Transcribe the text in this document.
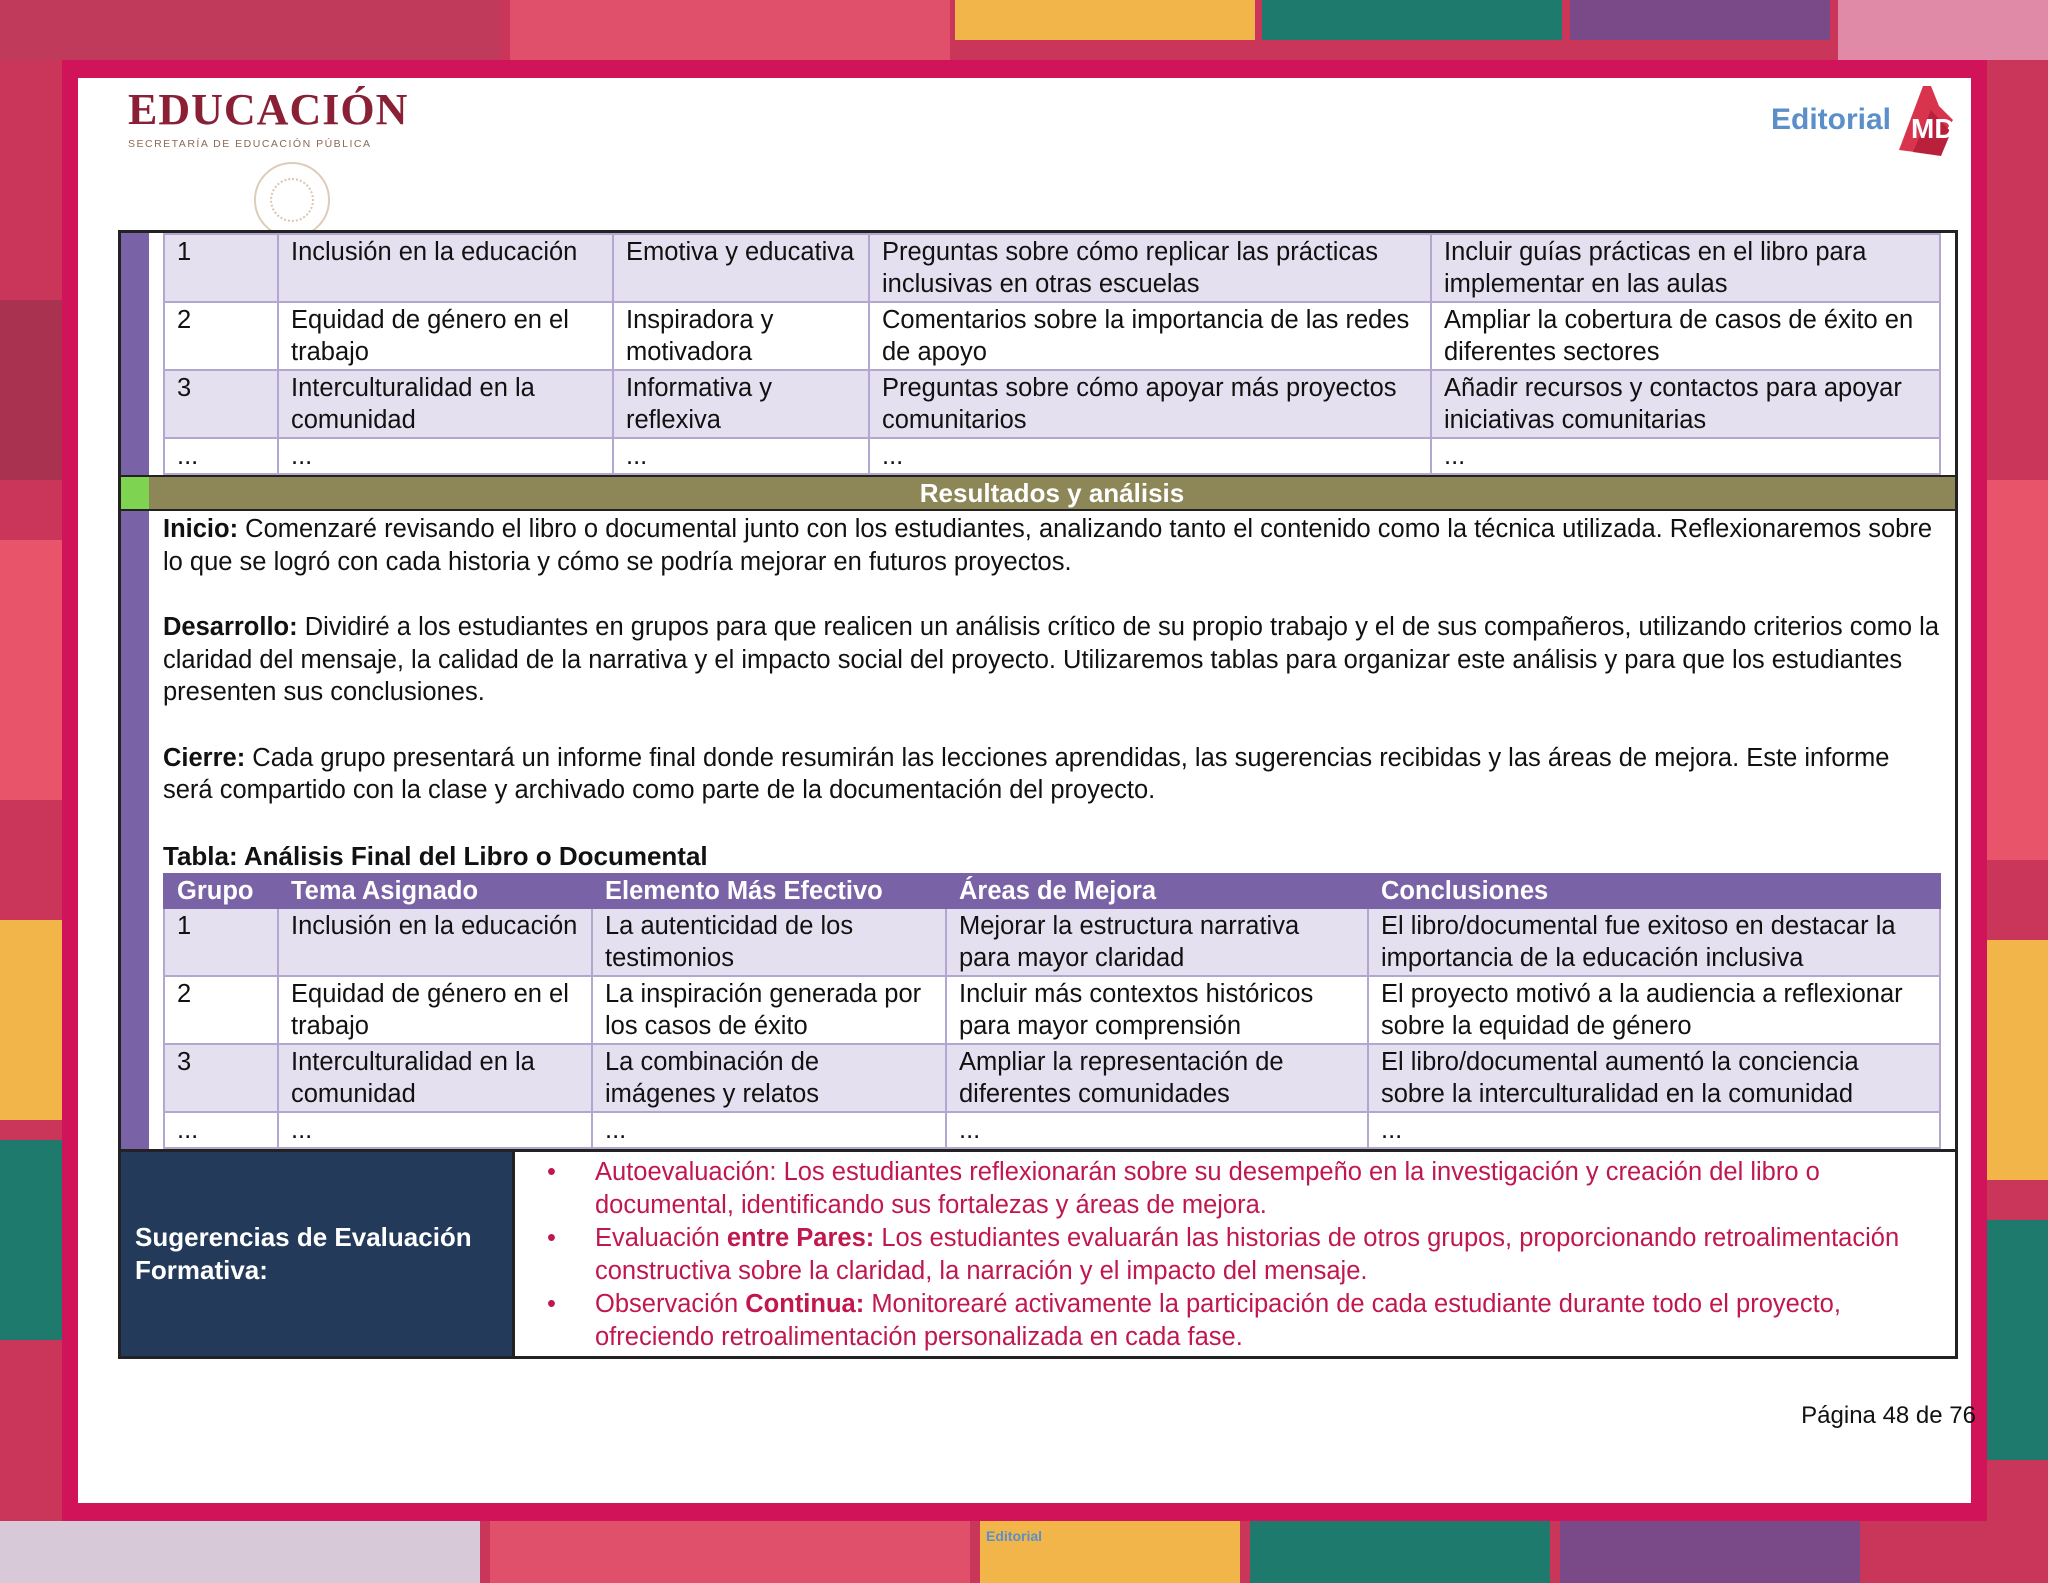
EDUCACIÓN
SECRETARÍA DE EDUCACIÓN PÚBLICA
Editorial MD
1	Inclusión en la educación	Emotiva y educativa	Preguntas sobre cómo replicar las prácticas inclusivas en otras escuelas	Incluir guías prácticas en el libro para implementar en las aulas
2	Equidad de género en el trabajo	Inspiradora y motivadora	Comentarios sobre la importancia de las redes de apoyo	Ampliar la cobertura de casos de éxito en diferentes sectores
3	Interculturalidad en la comunidad	Informativa y reflexiva	Preguntas sobre cómo apoyar más proyectos comunitarios	Añadir recursos y contactos para apoyar iniciativas comunitarias
...	...	...	...	...
Resultados y análisis

Inicio: Comenzaré revisando el libro o documental junto con los estudiantes, analizando tanto el contenido como la técnica utilizada. Reflexionaremos sobre lo que se logró con cada historia y cómo se podría mejorar en futuros proyectos.

Desarrollo: Dividiré a los estudiantes en grupos para que realicen un análisis crítico de su propio trabajo y el de sus compañeros, utilizando criterios como la claridad del mensaje, la calidad de la narrativa y el impacto social del proyecto. Utilizaremos tablas para organizar este análisis y para que los estudiantes presenten sus conclusiones.

Cierre: Cada grupo presentará un informe final donde resumirán las lecciones aprendidas, las sugerencias recibidas y las áreas de mejora. Este informe será compartido con la clase y archivado como parte de la documentación del proyecto.

Tabla: Análisis Final del Libro o Documental

Grupo	Tema Asignado	Elemento Más Efectivo	Áreas de Mejora	Conclusiones
1	Inclusión en la educación	La autenticidad de los testimonios	Mejorar la estructura narrativa para mayor claridad	El libro/documental fue exitoso en destacar la importancia de la educación inclusiva
2	Equidad de género en el trabajo	La inspiración generada por los casos de éxito	Incluir más contextos históricos para mayor comprensión	El proyecto motivó a la audiencia a reflexionar sobre la equidad de género
3	Interculturalidad en la comunidad	La combinación de imágenes y relatos	Ampliar la representación de diferentes comunidades	El libro/documental aumentó la conciencia sobre la interculturalidad en la comunidad
...	...	...	...	...
Sugerencias de Evaluación Formativa:
• Autoevaluación: Los estudiantes reflexionarán sobre su desempeño en la investigación y creación del libro o documental, identificando sus fortalezas y áreas de mejora.
• Evaluación entre Pares: Los estudiantes evaluarán las historias de otros grupos, proporcionando retroalimentación constructiva sobre la claridad, la narración y el impacto del mensaje.
• Observación Continua: Monitorearé activamente la participación de cada estudiante durante todo el proyecto, ofreciendo retroalimentación personalizada en cada fase.
Página 48 de 76
Editorial
